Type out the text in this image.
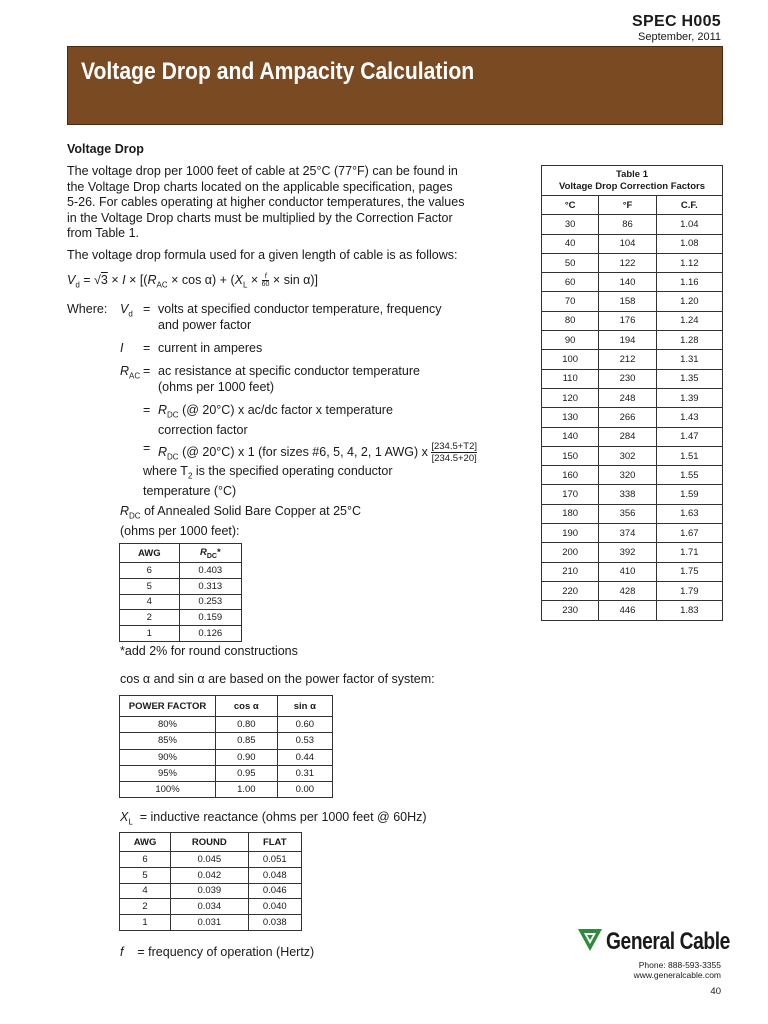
SPEC H005
September, 2011
Voltage Drop and Ampacity Calculation
Voltage Drop
The voltage drop per 1000 feet of cable at 25°C (77°F) can be found in the Voltage Drop charts located on the applicable specification, pages 5-26. For cables operating at higher conductor temperatures, the values in the Voltage Drop charts must be multiplied by the Correction Factor from Table 1.
The voltage drop formula used for a given length of cable is as follows:
$V_d = √3 \times I \times [(R_{AC} \times \cos \alpha) + (X_L \times \frac{f}{60} \times \sin \alpha)]$
Where: $V_d$ = volts at specified conductor temperature, frequency
and power factor
I	= current in amperes
$R_{AC}$ = ac resistance at specific conductor temperature
(ohms per 1000 feet)
= $R_{DC}$ (@ 20°C) x ac/dc factor x temperature
correction factor
= $R_{DC}$ (@ 20°C) x 1 (for sizes #6, 5, 4, 2, 1 AWG) x $\frac{[234.5+T2]}{[234.5+20]}$
where $T_2$ is the specified operating conductor
temperature (°C)
$R_{DC}$ of Annealed Solid Bare Copper at 25°C
(ohms per 1000 feet):
AWG	$R_{DC}*$
6	0.403
5	0.313
4	0.253
2	0.159
1	0.126
*add 2% for round constructions
cos α and sin α are based on the power factor of system:
POWER FACTOR	cos α	sin α
80%	0.80	0.60
85%	0.85	0.53
90%	0.90	0.44
95%	0.95	0.31
100%	1.00	0.00
$X_L$ = inductive reactance (ohms per 1000 feet @ 60Hz)
AWG	ROUND	FLAT
6	0.045	0.051
5	0.042	0.048
4	0.039	0.046
2	0.034	0.040
1	0.031	0.038
f = frequency of operation (Hertz)
Table 1
Voltage Drop Correction Factors		
°C	°F	C.F.
30	86	1.04
40	104	1.08
50	122	1.12
60	140	1.16
70	158	1.20
80	176	1.24
90	194	1.28
100	212	1.31
110	230	1.35
120	248	1.39
130	266	1.43
140	284	1.47
150	302	1.51
160	320	1.55
170	338	1.59
180	356	1.63
190	374	1.67
200	392	1.71
210	410	1.75
220	428	1.79
230	446	1.83
General Cable
Phone: 888-593-3355
www.generalcable.com
40
